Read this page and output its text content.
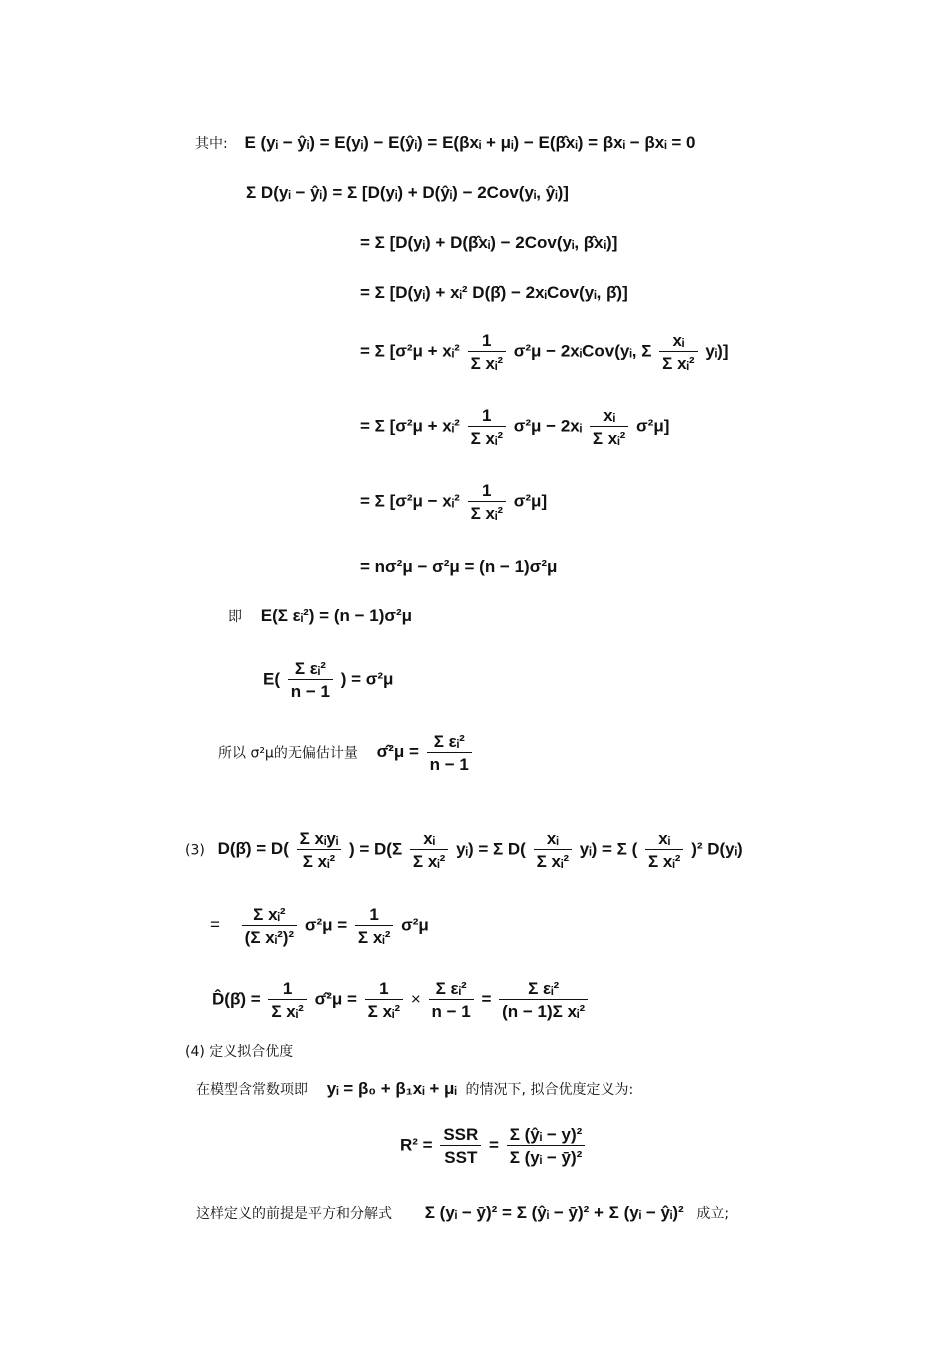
其中: E (yᵢ − ŷᵢ) = E(yᵢ) − E(ŷᵢ) = E(βxᵢ + μᵢ) − E(β̂xᵢ) = βxᵢ − βxᵢ = 0
Σ D(yᵢ − ŷᵢ) = Σ [D(yᵢ) + D(ŷᵢ) − 2Cov(yᵢ, ŷᵢ)]
= Σ [D(yᵢ) + D(β̂xᵢ) − 2Cov(yᵢ, β̂xᵢ)]
= Σ [D(yᵢ) + xᵢ² D(β̂) − 2xᵢCov(yᵢ, β̂)]
= Σ [σ²μ + xᵢ² $\frac{1}{\text{Σ xᵢ²}} \sigma^2\mu$ − 2xᵢCov(yᵢ, Σ $\frac{\text{xᵢ}}{\text{Σ xᵢ²}}$ yᵢ)]
= Σ [σ²μ + xᵢ² $\frac{1}{\text{Σ xᵢ²}} \sigma^2\mu$ − 2xᵢ $\frac{\text{xᵢ}}{\text{Σ xᵢ²}} \sigma^2\mu$]
= Σ [σ²μ − xᵢ² $\frac{1}{\text{Σ xᵢ²}} \sigma^2\mu$]
= nσ²μ − σ²μ = (n − 1)σ²μ
即 E(Σ εᵢ²) = (n − 1)σ²μ
$E( \frac{\text{Σ εᵢ²}}{n - 1}$ ) = σ²μ
所以 σ²μ的无偏估计量 σ̂²μ = $\frac{\text{Σ εᵢ²}}{n - 1}$
(3) D(β̂) = $D( \frac{\text{Σ xᵢyᵢ}}{\text{Σ xᵢ²}}$ ) = $D(\Sigma \frac{\text{xᵢ}}{\text{Σ xᵢ²}}$ yᵢ) = Σ $D( \frac{\text{xᵢ}}{\text{Σ xᵢ²}}$ yᵢ) = Σ ( $\frac{\text{xᵢ}}{\text{Σ xᵢ²}} )^2$ D(yᵢ)
= $\frac{\text{Σ xᵢ²}}{\text{(Σ xᵢ²)²}} \sigma^2\mu = \frac{1}{\text{Σ xᵢ²}} \sigma^2\mu$
D̂(β̂) = $\frac{1}{\text{Σ xᵢ²}}$ σ̂²μ = $\frac{1}{\text{Σ xᵢ²}} \times \frac{\text{Σ εᵢ²}}{n - 1} = \frac{\text{Σ εᵢ²}}{\text{(n − 1)Σ xᵢ²}}$
(4) 定义拟合优度
在模型含常数项即 yᵢ = β₀ + β₁xᵢ + μᵢ 的情况下, 拟合优度定义为:
$R^2 = \frac{\text{SSR}}{\text{SST}} = \frac{\text{Σ (ŷᵢ − y)²}}{\text{Σ (yᵢ − ȳ)²}}$
这样定义的前提是平方和分解式 Σ (yᵢ − ȳ)² = Σ (ŷᵢ − ȳ)² + Σ (yᵢ − ŷᵢ)² 成立;
